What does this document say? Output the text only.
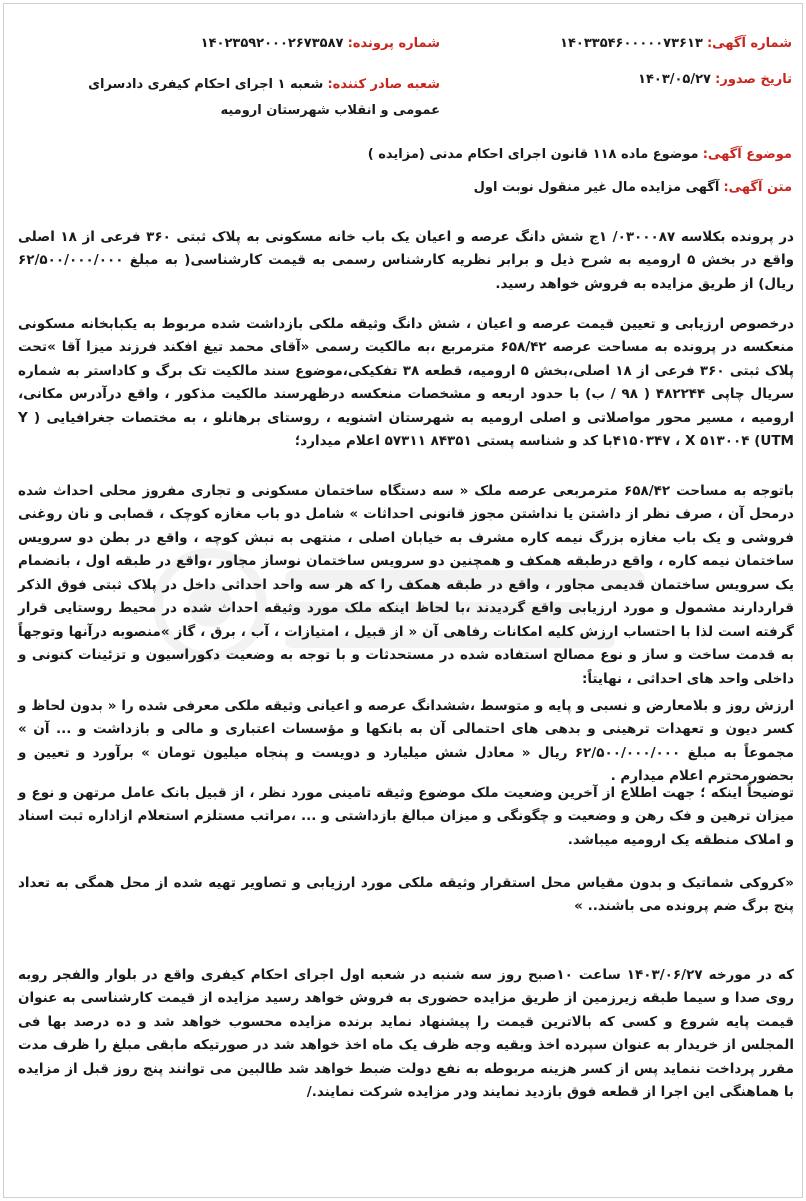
شماره آگهی: ۱۴۰۳۳۵۴۶۰۰۰۰۰۷۳۶۱۳
شماره پرونده: ۱۴۰۲۳۵۹۲۰۰۰۲۶۷۳۵۸۷
تاریخ صدور: ۱۴۰۳/۰۵/۲۷
شعبه صادر کننده: شعبه ۱ اجرای احکام کیفری دادسرای عمومی و انقلاب شهرستان ارومیه
موضوع آگهی: موضوع ماده ۱۱۸ قانون اجرای احکام مدنی (مزایده )
متن آگهی: آگهی مزایده مال غیر منقول نوبت اول

در پرونده بکلاسه ۰۳۰۰۰۸۷/ ۱ج شش دانگ عرصه و اعیان یک باب خانه مسکونی به پلاک ثبتی ۳۶۰ فرعی از ۱۸ اصلی واقع در بخش ۵ ارومیه به شرح ذیل و برابر نظریه کارشناس رسمی به قیمت کارشناسی( به مبلغ ۶۲/۵۰۰/۰۰۰/۰۰۰ ریال) از طریق مزایده به فروش خواهد رسید.

درخصوص ارزیابی و تعیین قیمت عرصه و اعیان ، شش دانگ وثیقه ملکی بازداشت شده مربوط به یکبابخانه مسکونی منعکسه در پرونده به مساحت عرصه ۶۵۸/۴۲ مترمربع ،به مالکیت رسمی «آقای محمد تیغ افکند فرزند میزا آقا »تحت پلاک ثبتی ۳۶۰ فرعی از ۱۸ اصلی،بخش ۵ ارومیه، قطعه ۳۸ تفکیکی،موضوع سند مالکیت تک برگ و کاداستر به شماره سریال چاپی ۴۸۲۲۴۴ ( ۹۸ / ب) با حدود اربعه و مشخصات منعکسه درظهرسند مالکیت مذکور ، واقع درآدرس مکانی، ارومیه ، مسیر محور مواصلاتی و اصلی ارومیه به شهرستان اشنویه ، روستای برهانلو ، به مختصات جغرافیایی ( Y ۴۱۵۰۳۴۷ ، X ۵۱۳۰۰۴ (UTMبا کد و شناسه پستی ۸۴۳۵۱ ۵۷۳۱۱ اعلام میدارد؛

باتوجه به مساحت ۶۵۸/۴۲ مترمربعی عرصه ملک « سه دستگاه ساختمان مسکونی و تجاری مفروز محلی احداث شده درمحل آن ، صرف نظر از داشتن یا نداشتن مجوز قانونی احداثات » شامل دو باب مغازه کوچک ، قصابی و نان روغنی فروشی و یک باب مغازه بزرگ نیمه کاره مشرف به خیابان اصلی ، منتهی به نبش کوچه ، واقع در بطن دو سرویس ساختمان نیمه کاره ، واقع درطبقه همکف و همچنین دو سرویس ساختمان نوساز مجاور ،واقع در طبقه اول ، بانضمام یک سرویس ساختمان قدیمی مجاور ، واقع در طبقه همکف را که هر سه واحد احداثی داخل در پلاک ثبتی فوق الذکر قراردارند مشمول و مورد ارزیابی واقع گردیدند ،با لحاظ اینکه ملک مورد وثیقه احداث شده در محیط روستایی قرار گرفته است لذا با احتساب ارزش کلیه امکانات رفاهی آن « از قبیل ، امتیازات ، آب ، برق ، گاز »منصوبه درآنها وتوجهاً به قدمت ساخت و ساز و نوع مصالح استفاده شده در مستحدثات و با توجه به وضعیت دکوراسیون و تزئینات کنونی و داخلی واحد های احداثی ، نهایتاً:

ارزش روز و بلامعارض و نسبی و پایه و متوسط ،ششدانگ عرصه و اعیانی وثیقه ملکی معرفی شده را « بدون لحاظ و کسر دیون و تعهدات ترهینی و بدهی های احتمالی آن به بانکها و مؤسسات اعتباری و مالی و بازداشت و ... آن » مجموعاً به مبلغ ۶۲/۵۰۰/۰۰۰/۰۰۰ ریال « معادل شش میلیارد و دویست و پنجاه میلیون تومان » برآورد و تعیین و بحضورمحترم اعلام میدارم .

توضیحاً اینکه ؛ جهت اطلاع از آخرین وضعیت ملک موضوع وثیقه تامینی مورد نظر ، از قبیل بانک عامل مرتهن و نوع و میزان ترهین و فک رهن و وضعیت و چگونگی و میزان مبالغ بازداشتی و ... ،مراتب مستلزم استعلام ازاداره ثبت اسناد و املاک منطقه یک ارومیه میباشد.

«کروکی شماتیک و بدون مقیاس محل استقرار وثیقه ملکی مورد ارزیابی و تصاویر تهیه شده از محل همگی به تعداد پنج برگ ضم پرونده می باشند.. »

که در مورخه ۱۴۰۳/۰۶/۲۷ ساعت ۱۰صبح روز سه شنبه در شعبه اول اجرای احکام کیفری واقع در بلوار والفجر روبه روی صدا و سیما طبقه زیرزمین از طریق مزایده حضوری به فروش خواهد رسید مزایده از قیمت کارشناسی به عنوان قیمت پایه شروع و کسی که بالاترین قیمت را پیشنهاد نماید برنده مزایده محسوب خواهد شد و ده درصد بها فی المجلس از خریدار به عنوان سپرده اخذ وبقیه وجه ظرف یک ماه اخذ خواهد شد در صورتیکه مابقی مبلغ را ظرف مدت مقرر پرداخت ننماید پس از کسر هزینه مربوطه به نفع دولت ضبط خواهد شد طالبین می توانند پنج روز قبل از مزایده با هماهنگی این اجرا از قطعه فوق بازدید نمایند ودر مزایده شرکت نمایند./
